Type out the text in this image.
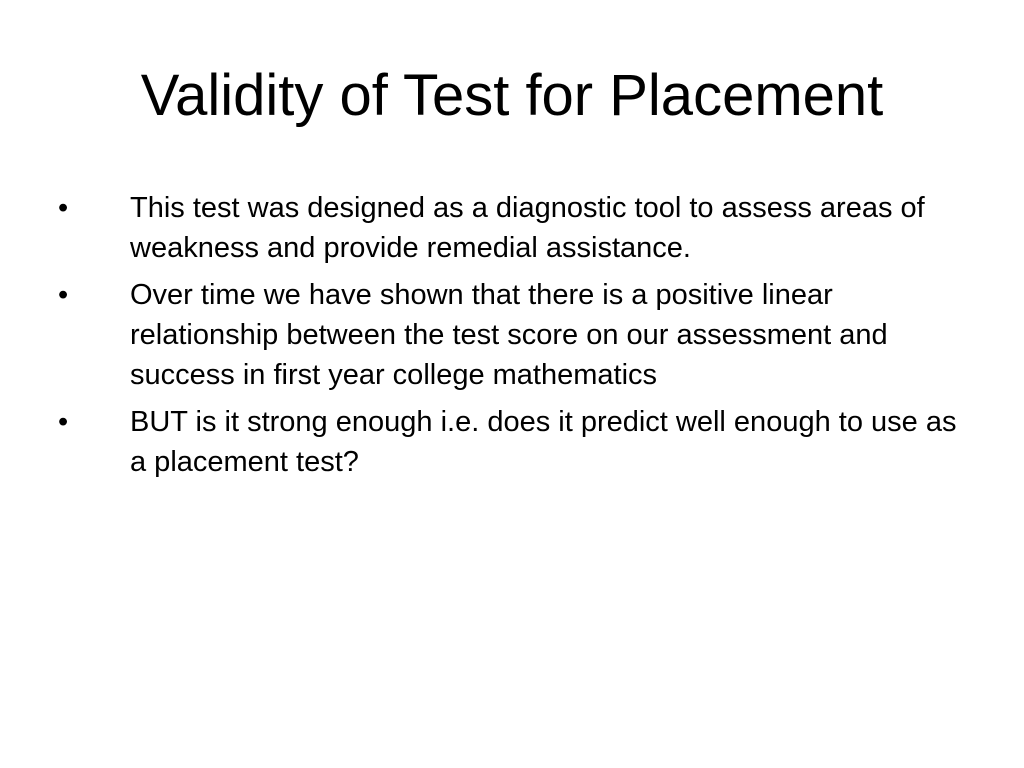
Validity of Test for Placement
•	This test was designed as a diagnostic tool to assess areas of weakness and provide remedial assistance.
•	Over time we have shown that there is a positive linear relationship between the test score on our assessment and success in first year college mathematics
•	BUT is it strong enough i.e. does it predict well enough to use as a placement test?
